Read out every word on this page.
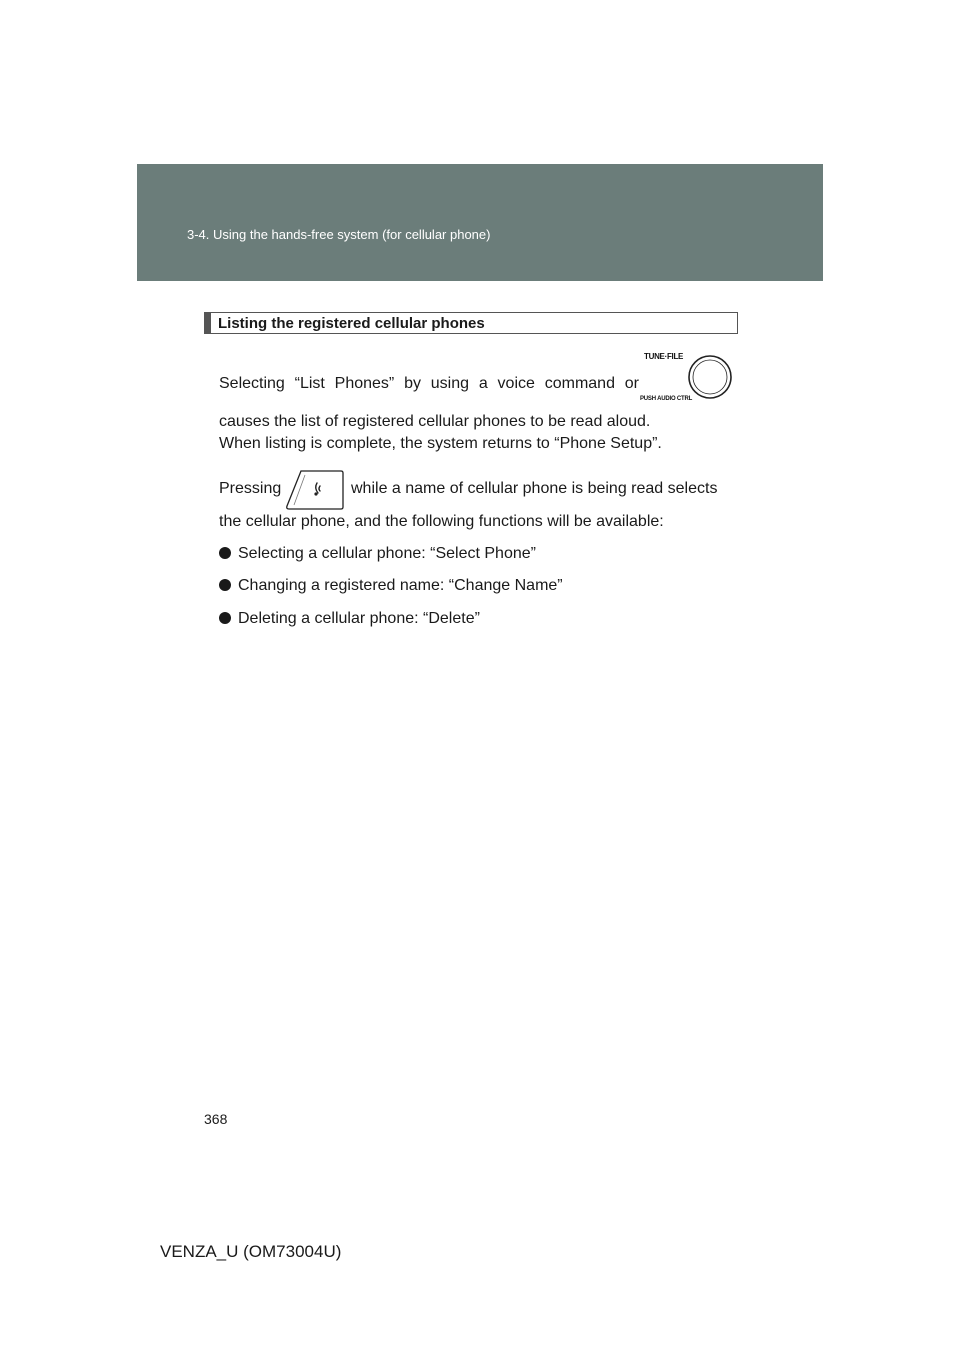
3-4. Using the hands-free system (for cellular phone)
Listing the registered cellular phones
Selecting “List Phones” by using a voice command or
TUNE·FILE
PUSH AUDIO CTRL
causes the list of registered cellular phones to be read aloud.
When listing is complete, the system returns to “Phone Setup”.
Pressing	while a name of cellular phone is being read selects
the cellular phone, and the following functions will be available:
Selecting a cellular phone: “Select Phone”
Changing a registered name: “Change Name”
Deleting a cellular phone: “Delete”
368
VENZA_U (OM73004U)
